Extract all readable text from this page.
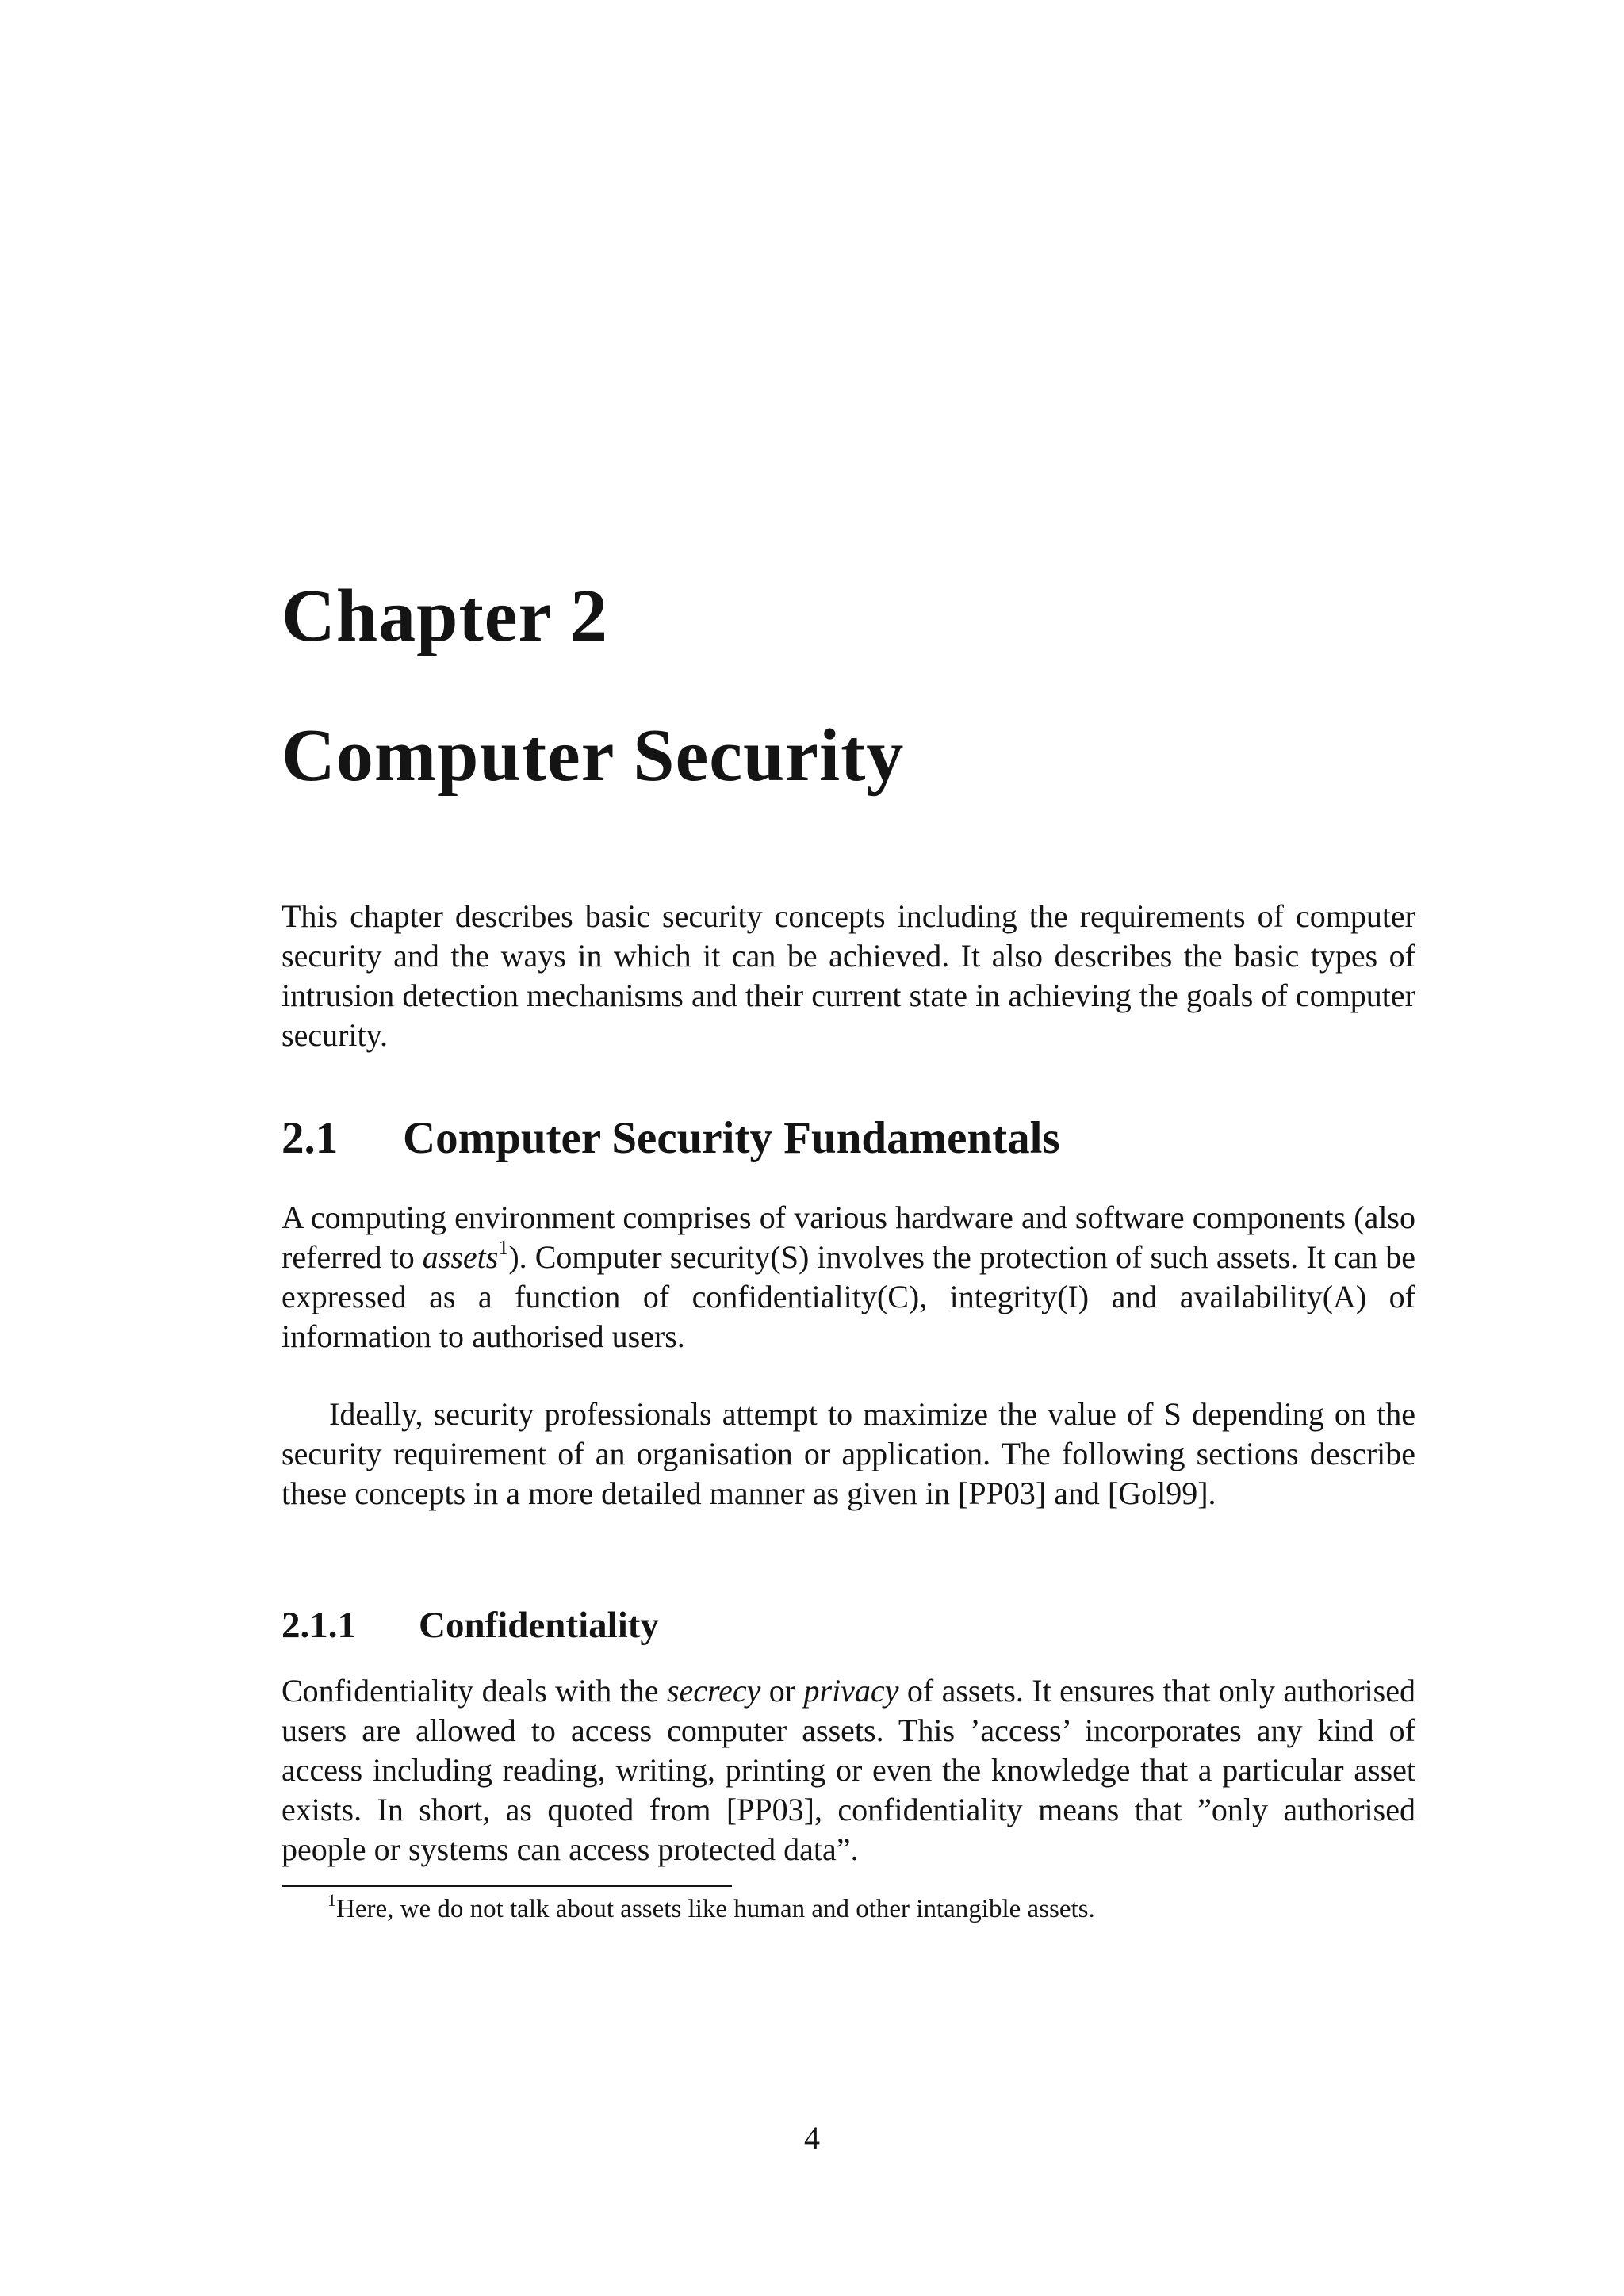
Chapter 2
Computer Security

This chapter describes basic security concepts including the requirements of computer security and the ways in which it can be achieved. It also describes the basic types of intrusion detection mechanisms and their current state in achieving the goals of computer security.

2.1 Computer Security Fundamentals

A computing environment comprises of various hardware and software components (also referred to assets$^1$). Computer security(S) involves the protection of such assets. It can be expressed as a function of confidentiality(C), integrity(I) and availability(A) of information to authorised users.

Ideally, security professionals attempt to maximize the value of S depending on the security requirement of an organisation or application. The following sections describe these concepts in a more detailed manner as given in [PP03] and [Gol99].

2.1.1 Confidentiality

Confidentiality deals with the secrecy or privacy of assets. It ensures that only authorised users are allowed to access computer assets. This ’access’ incorporates any kind of access including reading, writing, printing or even the knowledge that a particular asset exists. In short, as quoted from [PP03], confidentiality means that ”only authorised people or systems can access protected data”.

$^1$Here, we do not talk about assets like human and other intangible assets.

4
